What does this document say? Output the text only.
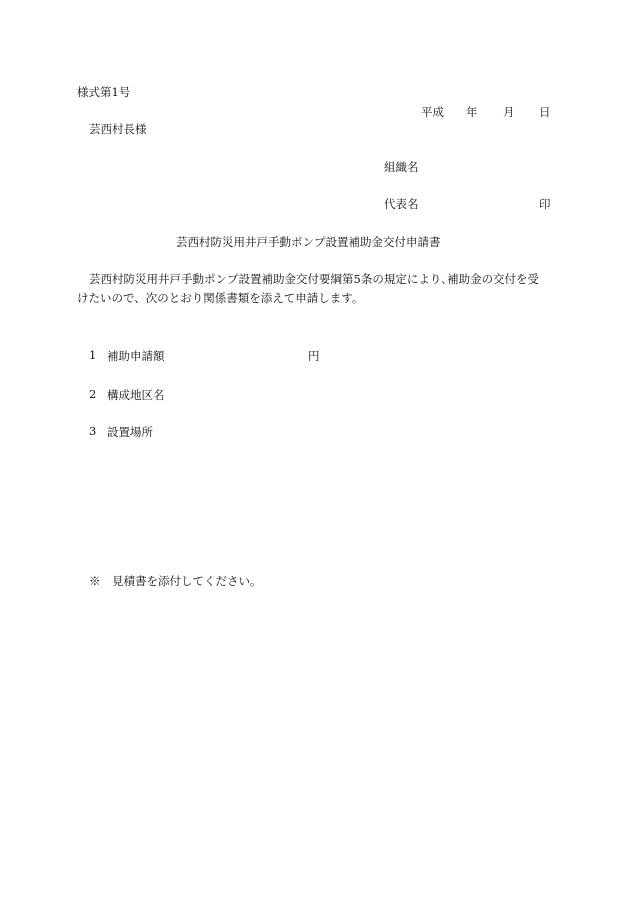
様式第1号
平成 年 月 日
芸西村長様
組織名
代表名	印
芸西村防災用井戸手動ポンプ設置補助金交付申請書
芸西村防災用井戸手動ポンプ設置補助金交付要綱第5条の規定により､補助金の交付を受
けたいので、次のとおり関係書類を添えて申請します。
1 補助申請額	円
2 構成地区名
3 設置場所
※　見積書を添付してください。
